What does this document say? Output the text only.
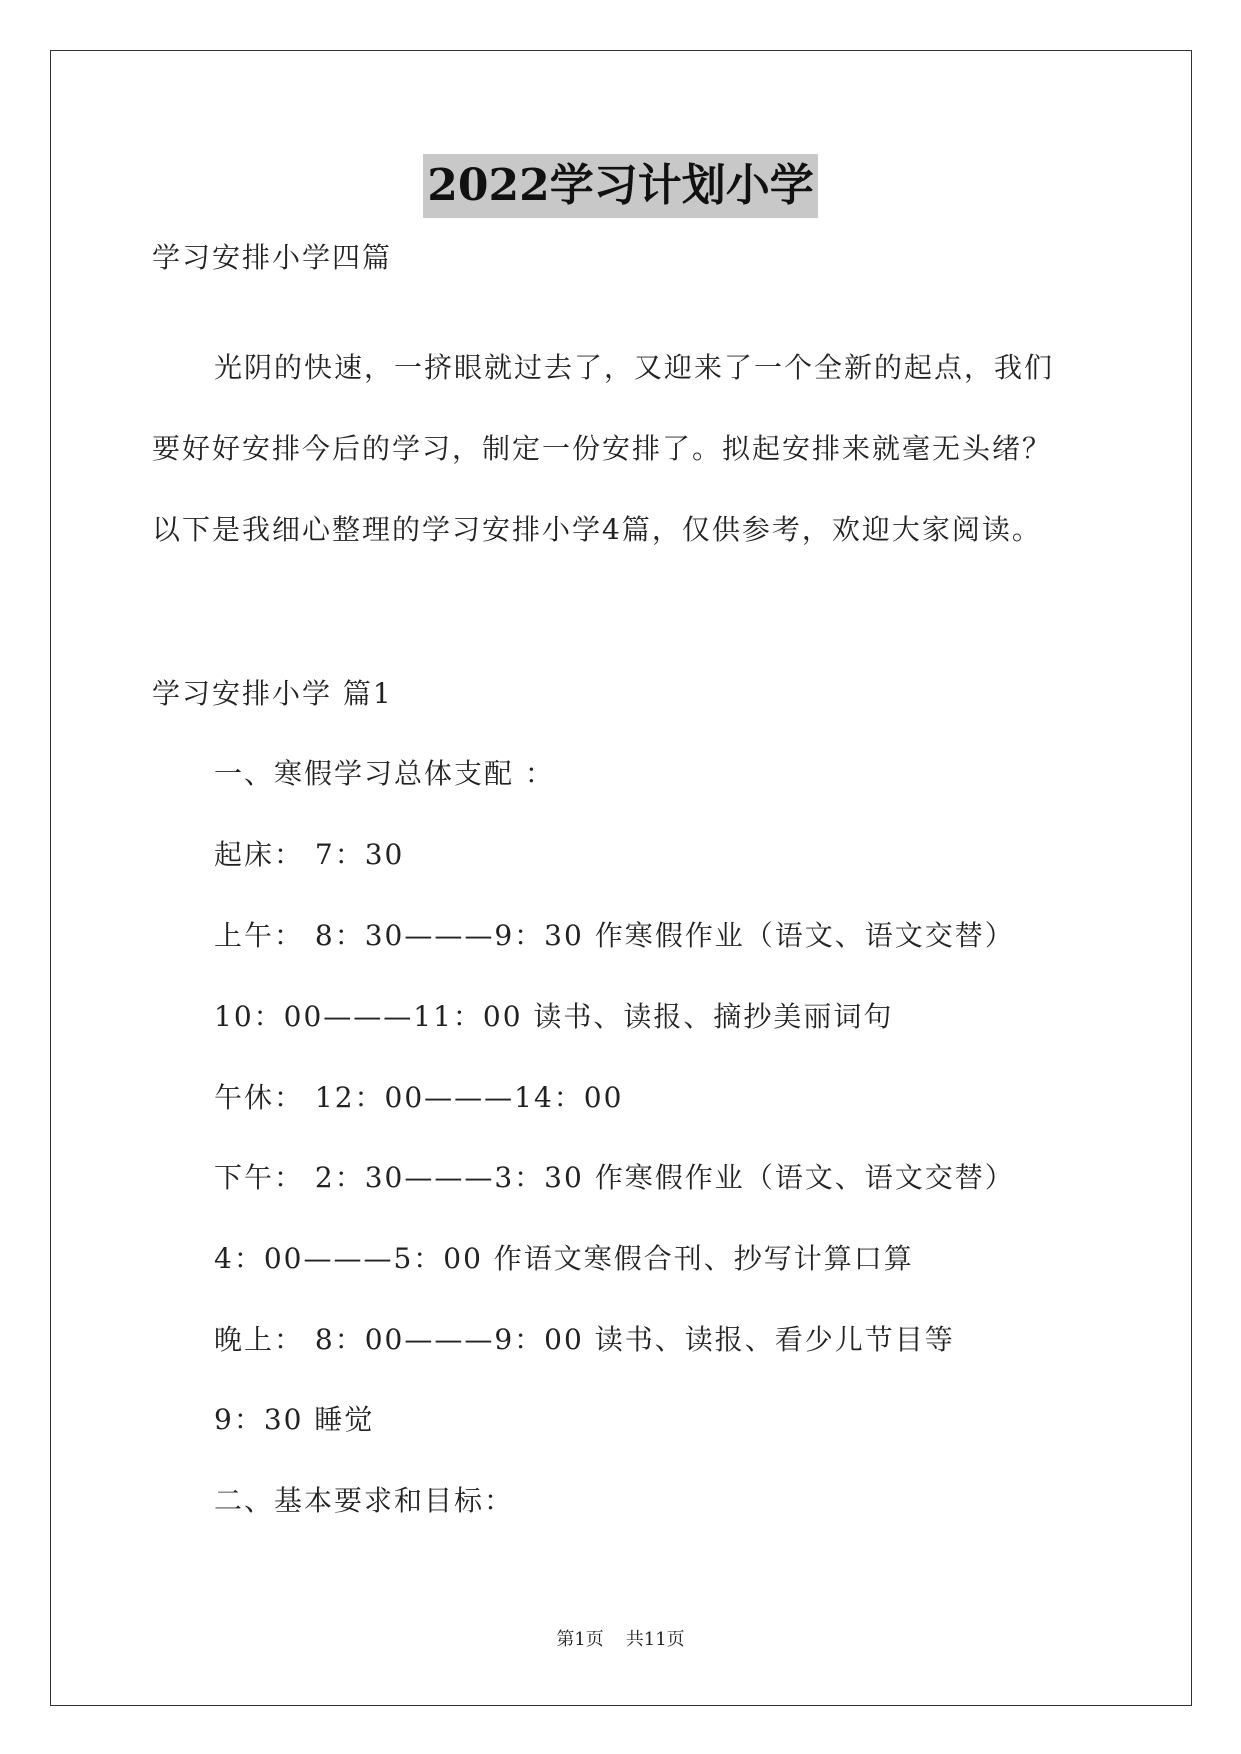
2022学习计划小学
学习安排小学四篇
光阴的快速，一挤眼就过去了，又迎来了一个全新的起点，我们
要好好安排今后的学习，制定一份安排了。拟起安排来就毫无头绪？
以下是我细心整理的学习安排小学4篇，仅供参考，欢迎大家阅读。
学习安排小学 篇1
一、寒假学习总体支配 ：
起床： 7：30
上午： 8：30———9：30 作寒假作业（语文、语文交替）
10：00———11：00 读书、读报、摘抄美丽词句
午休： 12：00———14：00
下午： 2：30———3：30 作寒假作业（语文、语文交替）
4：00———5：00 作语文寒假合刊、抄写计算口算
晚上： 8：00———9：00 读书、读报、看少儿节目等
9：30 睡觉
二、基本要求和目标：
第1页 共11页
